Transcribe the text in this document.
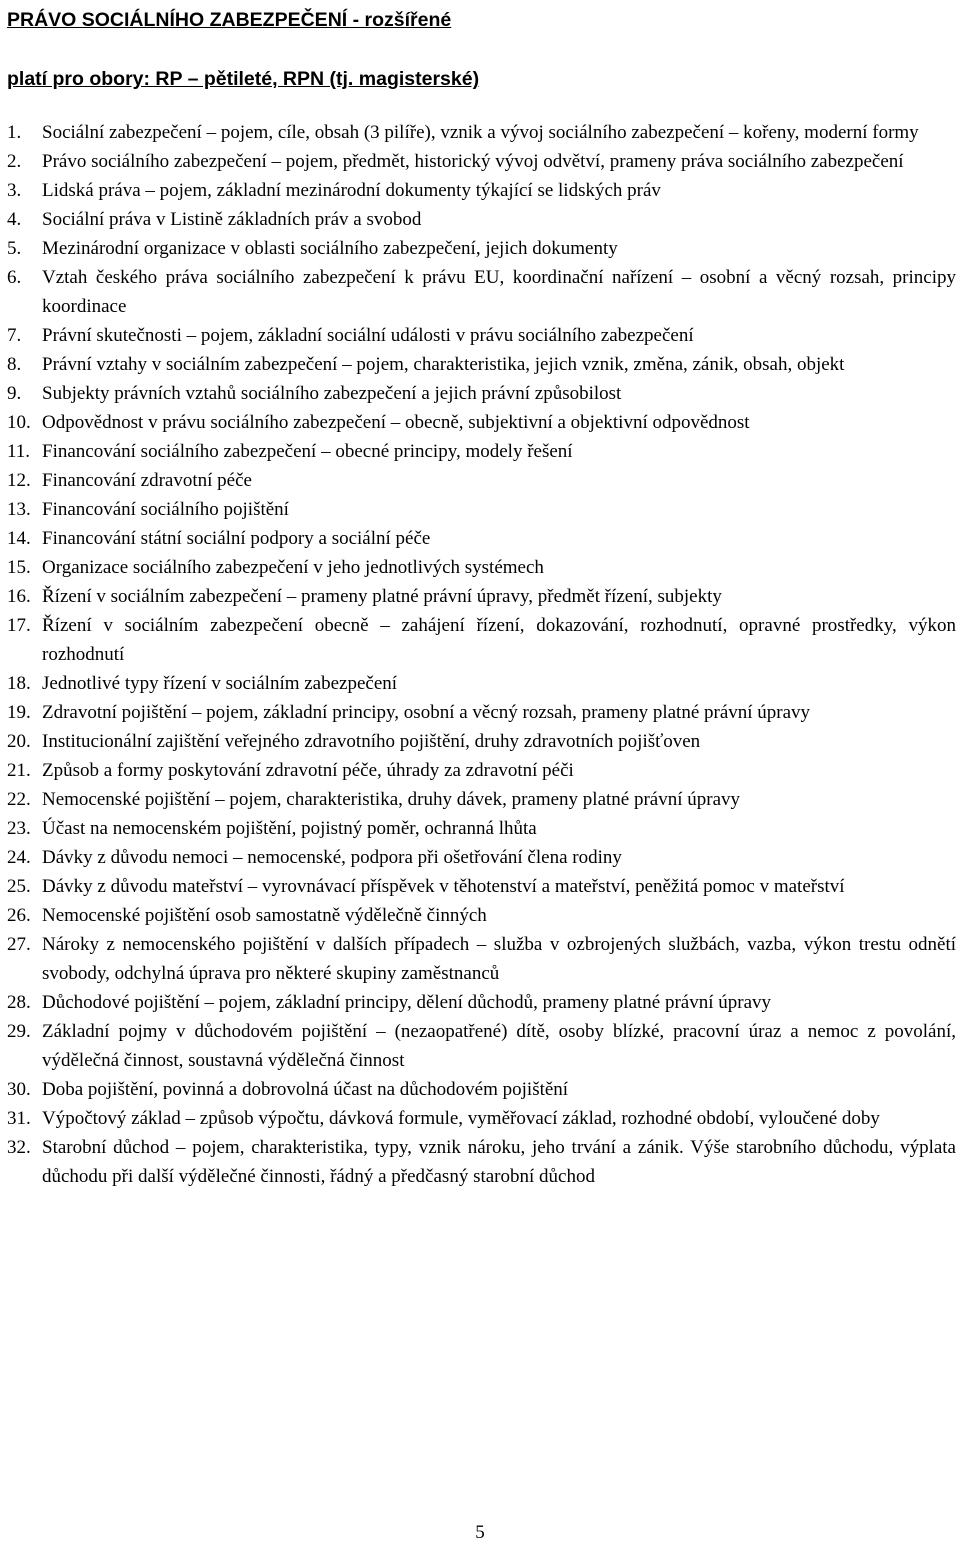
PRÁVO SOCIÁLNÍHO ZABEZPEČENÍ - rozšířené
platí pro obory: RP – pětileté, RPN (tj. magisterské)
1. Sociální zabezpečení – pojem, cíle, obsah (3 pilíře), vznik a vývoj sociálního zabezpečení – kořeny, moderní formy
2. Právo sociálního zabezpečení – pojem, předmět, historický vývoj odvětví, prameny práva sociálního zabezpečení
3. Lidská práva – pojem, základní mezinárodní dokumenty týkající se lidských práv
4. Sociální práva v Listině základních práv a svobod
5. Mezinárodní organizace v oblasti sociálního zabezpečení, jejich dokumenty
6. Vztah českého práva sociálního zabezpečení k právu EU, koordinační nařízení – osobní a věcný rozsah, principy koordinace
7. Právní skutečnosti – pojem, základní sociální události v právu sociálního zabezpečení
8. Právní vztahy v sociálním zabezpečení – pojem, charakteristika, jejich vznik, změna, zánik, obsah, objekt
9. Subjekty právních vztahů sociálního zabezpečení a jejich právní způsobilost
10. Odpovědnost v právu sociálního zabezpečení – obecně, subjektivní a objektivní odpovědnost
11. Financování sociálního zabezpečení – obecné principy, modely řešení
12. Financování zdravotní péče
13. Financování sociálního pojištění
14. Financování státní sociální podpory a sociální péče
15. Organizace sociálního zabezpečení v jeho jednotlivých systémech
16. Řízení v sociálním zabezpečení – prameny platné právní úpravy, předmět řízení, subjekty
17. Řízení v sociálním zabezpečení obecně – zahájení řízení, dokazování, rozhodnutí, opravné prostředky, výkon rozhodnutí
18. Jednotlivé typy řízení v sociálním zabezpečení
19. Zdravotní pojištění – pojem, základní principy, osobní a věcný rozsah, prameny platné právní úpravy
20. Institucionální zajištění veřejného zdravotního pojištění, druhy zdravotních pojišťoven
21. Způsob a formy poskytování zdravotní péče, úhrady za zdravotní péči
22. Nemocenské pojištění – pojem, charakteristika, druhy dávek, prameny platné právní úpravy
23. Účast na nemocenském pojištění, pojistný poměr, ochranná lhůta
24. Dávky z důvodu nemoci – nemocenské, podpora při ošetřování člena rodiny
25. Dávky z důvodu mateřství – vyrovnávací příspěvek v těhotenství a mateřství, peněžitá pomoc v mateřství
26. Nemocenské pojištění osob samostatně výdělečně činných
27. Nároky z nemocenského pojištění v dalších případech – služba v ozbrojených službách, vazba, výkon trestu odnětí svobody, odchylná úprava pro některé skupiny zaměstnanců
28. Důchodové pojištění – pojem, základní principy, dělení důchodů, prameny platné právní úpravy
29. Základní pojmy v důchodovém pojištění – (nezaopatřené) dítě, osoby blízké, pracovní úraz a nemoc z povolání, výdělečná činnost, soustavná výdělečná činnost
30. Doba pojištění, povinná a dobrovolná účast na důchodovém pojištění
31. Výpočtový základ – způsob výpočtu, dávková formule, vyměřovací základ, rozhodné období, vyloučené doby
32. Starobní důchod – pojem, charakteristika, typy, vznik nároku, jeho trvání a zánik. Výše starobního důchodu, výplata důchodu při další výdělečné činnosti, řádný a předčasný starobní důchod
5
